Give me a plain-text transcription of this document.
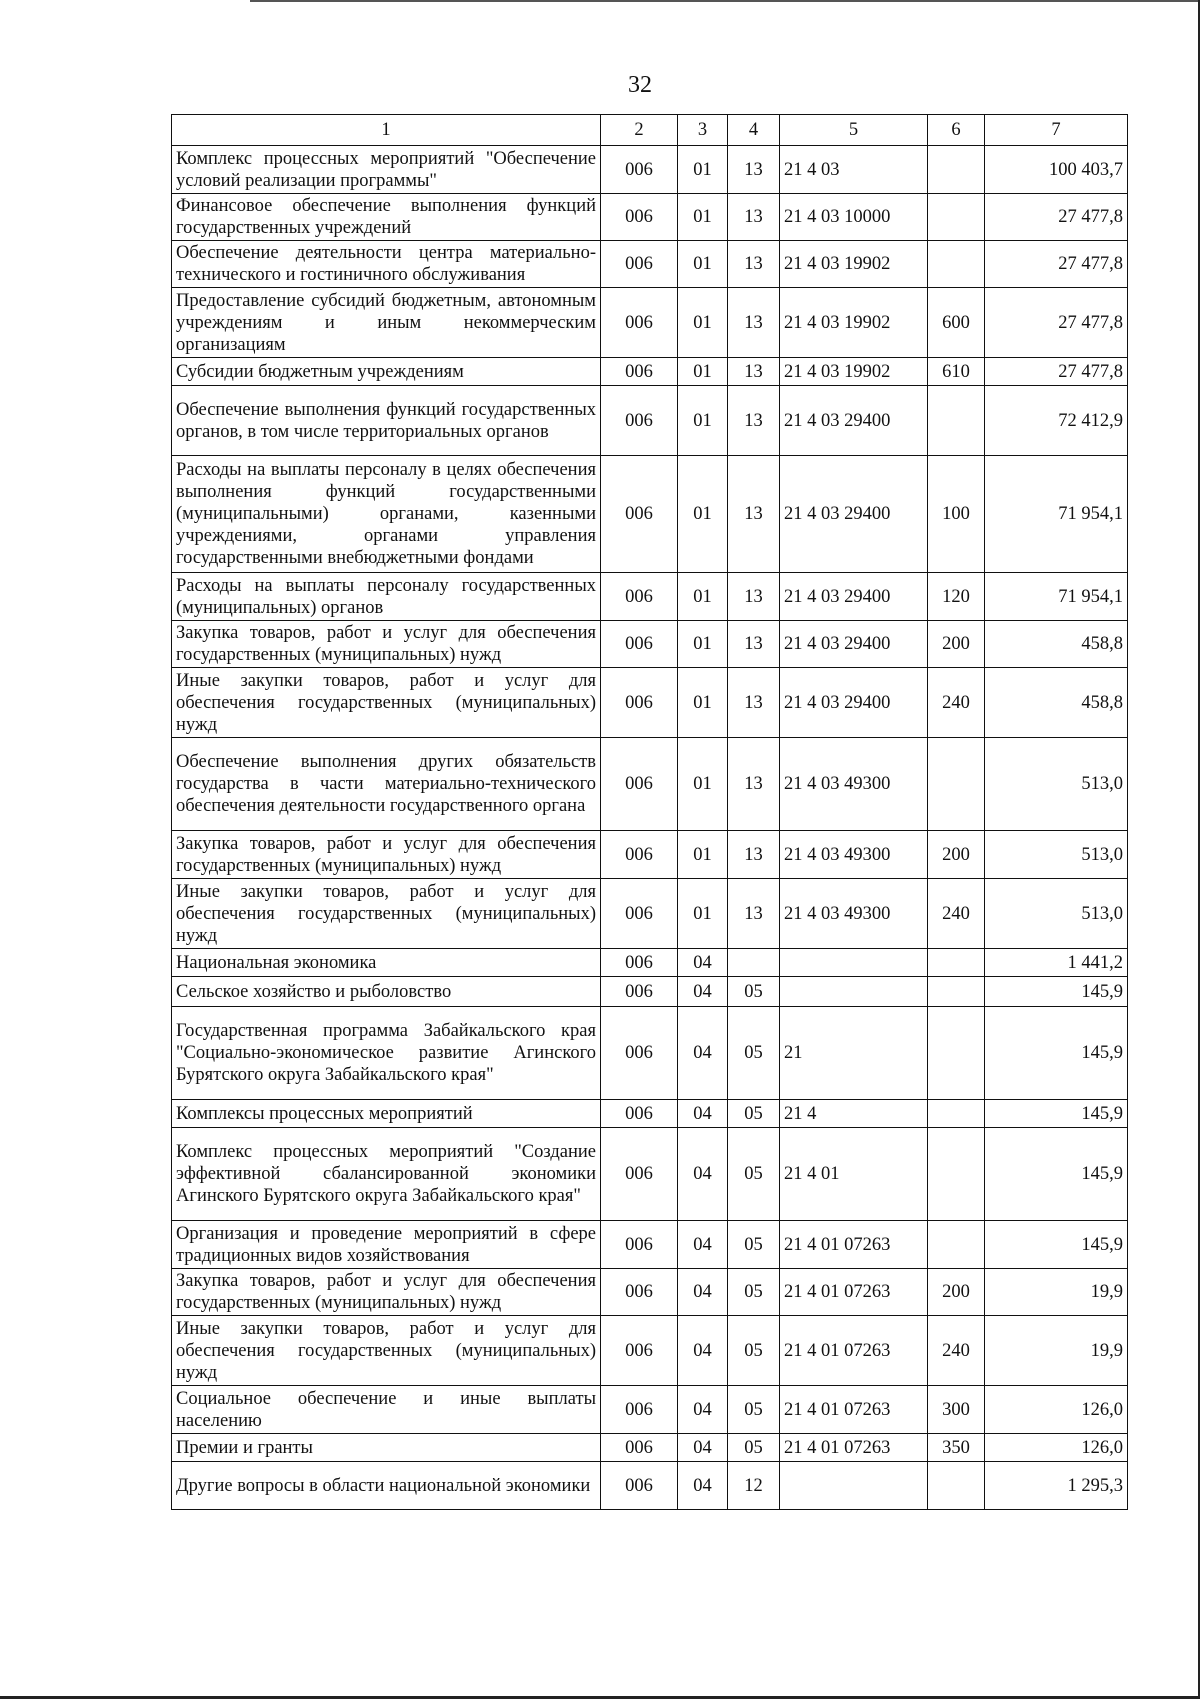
32
1	2	3	4	5	6	7
Комплекс процессных мероприятий "Обеспечение условий реализации программы"	006	01	13	21 4 03		100 403,7
Финансовое обеспечение выполнения функций государственных учреждений	006	01	13	21 4 03 10000		27 477,8
Обеспечение деятельности центра материально-технического и гостиничного обслуживания	006	01	13	21 4 03 19902		27 477,8
Предоставление субсидий бюджетным, автономным учреждениям и иным некоммерческим организациям	006	01	13	21 4 03 19902	600	27 477,8
Субсидии бюджетным учреждениям	006	01	13	21 4 03 19902	610	27 477,8
Обеспечение выполнения функций государственных органов, в том числе территориальных органов	006	01	13	21 4 03 29400		72 412,9
Расходы на выплаты персоналу в целях обеспечения выполнения функций государственными (муниципальными) органами, казенными учреждениями, органами управления государственными внебюджетными фондами	006	01	13	21 4 03 29400	100	71 954,1
Расходы на выплаты персоналу государственных (муниципальных) органов	006	01	13	21 4 03 29400	120	71 954,1
Закупка товаров, работ и услуг для обеспечения государственных (муниципальных) нужд	006	01	13	21 4 03 29400	200	458,8
Иные закупки товаров, работ и услуг для обеспечения государственных (муниципальных) нужд	006	01	13	21 4 03 29400	240	458,8
Обеспечение выполнения других обязательств государства в части материально-технического обеспечения деятельности государственного органа	006	01	13	21 4 03 49300		513,0
Закупка товаров, работ и услуг для обеспечения государственных (муниципальных) нужд	006	01	13	21 4 03 49300	200	513,0
Иные закупки товаров, работ и услуг для обеспечения государственных (муниципальных) нужд	006	01	13	21 4 03 49300	240	513,0
Национальная экономика	006	04				1 441,2
Сельское хозяйство и рыболовство	006	04	05			145,9
Государственная программа Забайкальского края "Социально-экономическое развитие Агинского Бурятского округа Забайкальского края"	006	04	05	21		145,9
Комплексы процессных мероприятий	006	04	05	21 4		145,9
Комплекс процессных мероприятий "Создание эффективной сбалансированной экономики Агинского Бурятского округа Забайкальского края"	006	04	05	21 4 01		145,9
Организация и проведение мероприятий в сфере традиционных видов хозяйствования	006	04	05	21 4 01 07263		145,9
Закупка товаров, работ и услуг для обеспечения государственных (муниципальных) нужд	006	04	05	21 4 01 07263	200	19,9
Иные закупки товаров, работ и услуг для обеспечения государственных (муниципальных) нужд	006	04	05	21 4 01 07263	240	19,9
Социальное обеспечение и иные выплаты населению	006	04	05	21 4 01 07263	300	126,0
Премии и гранты	006	04	05	21 4 01 07263	350	126,0
Другие вопросы в области национальной экономики	006	04	12			1 295,3
